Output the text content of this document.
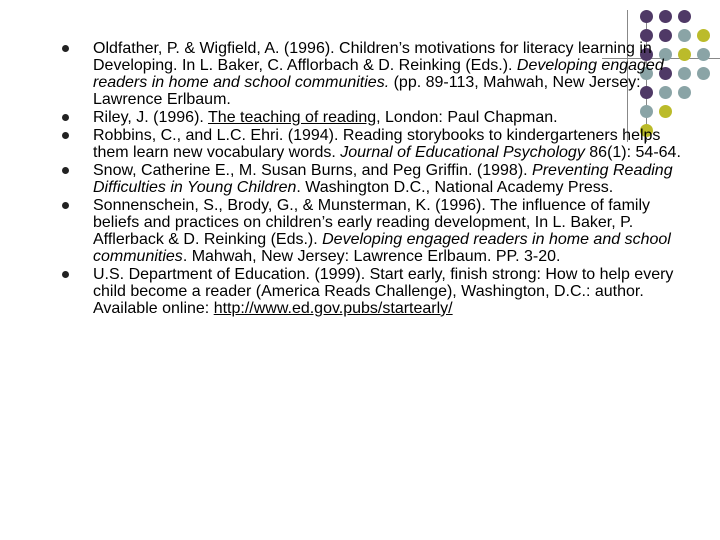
Oldfather, P. & Wigfield, A. (1996). Children’s motivations for literacy learning in Developing. In L. Baker, C. Afflorbach & D. Reinking (Eds.). Developing engaged readers in home and school communities. (pp. 89-113, Mahwah, New Jersey: Lawrence Erlbaum.
Riley, J. (1996). The teaching of reading, London: Paul Chapman.
Robbins, C., and L.C. Ehri. (1994). Reading storybooks to kindergarteners helps them learn new vocabulary words. Journal of Educational Psychology 86(1): 54-64.
Snow, Catherine E., M. Susan Burns, and Peg Griffin. (1998). Preventing Reading Difficulties in Young Children. Washington D.C., National Academy Press.
Sonnenschein, S., Brody, G., & Munsterman, K. (1996). The influence of family beliefs and practices on children’s early reading development, In L. Baker, P. Afflerback & D. Reinking (Eds.). Developing engaged readers in home and school communities. Mahwah, New Jersey: Lawrence Erlbaum. PP. 3-20.
U.S. Department of Education. (1999). Start early, finish strong: How to help every child become a reader (America Reads Challenge), Washington, D.C.: author. Available online: http://www.ed.gov.pubs/startearly/
